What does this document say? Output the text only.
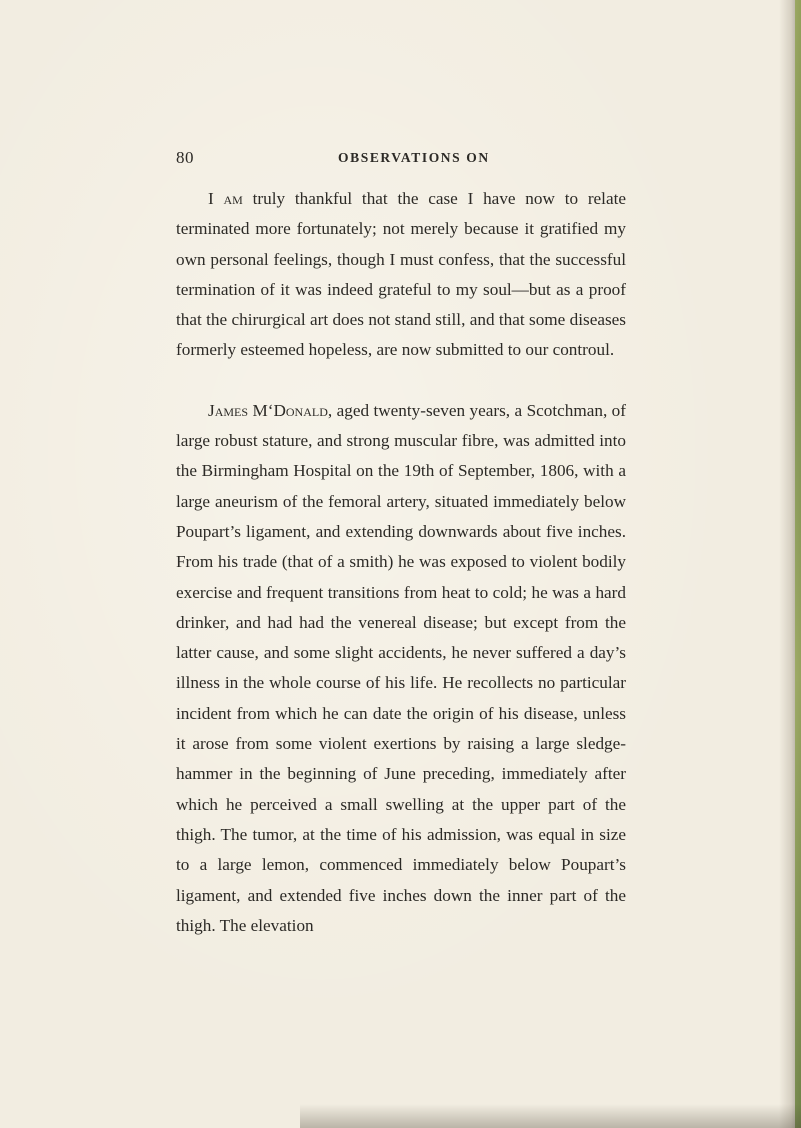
80	OBSERVATIONS ON

I am truly thankful that the case I have now to relate terminated more fortunately; not merely because it gratified my own personal feelings, though I must confess, that the successful termination of it was indeed grateful to my soul—but as a proof that the chirurgical art does not stand still, and that some diseases formerly esteemed hopeless, are now submitted to our controul.

James M‘Donald, aged twenty-seven years, a Scotchman, of large robust stature, and strong muscular fibre, was admitted into the Birmingham Hospital on the 19th of September, 1806, with a large aneurism of the femoral artery, situated immediately below Poupart’s ligament, and extending downwards about five inches. From his trade (that of a smith) he was exposed to violent bodily exercise and frequent transitions from heat to cold; he was a hard drinker, and had had the venereal disease; but except from the latter cause, and some slight accidents, he never suffered a day’s illness in the whole course of his life. He recollects no particular incident from which he can date the origin of his disease, unless it arose from some violent exertions by raising a large sledge-hammer in the beginning of June preceding, immediately after which he perceived a small swelling at the upper part of the thigh. The tumor, at the time of his admission, was equal in size to a large lemon, commenced immediately below Poupart’s ligament, and extended five inches down the inner part of the thigh. The elevation
